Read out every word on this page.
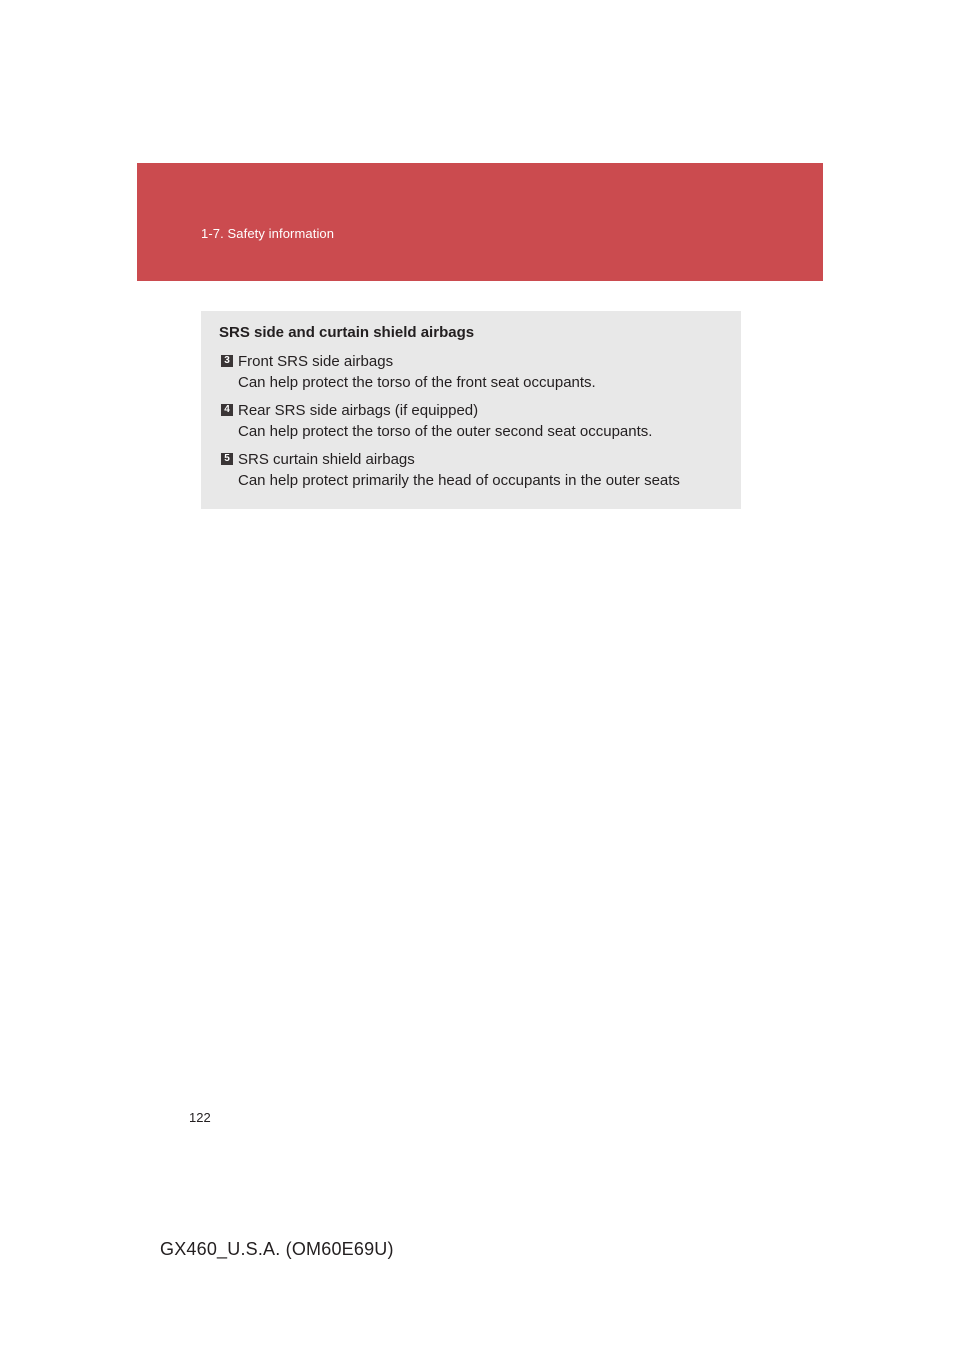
1-7. Safety information
SRS side and curtain shield airbags
3 Front SRS side airbags
Can help protect the torso of the front seat occupants.
4 Rear SRS side airbags (if equipped)
Can help protect the torso of the outer second seat occupants.
5 SRS curtain shield airbags
Can help protect primarily the head of occupants in the outer seats
122
GX460_U.S.A. (OM60E69U)
